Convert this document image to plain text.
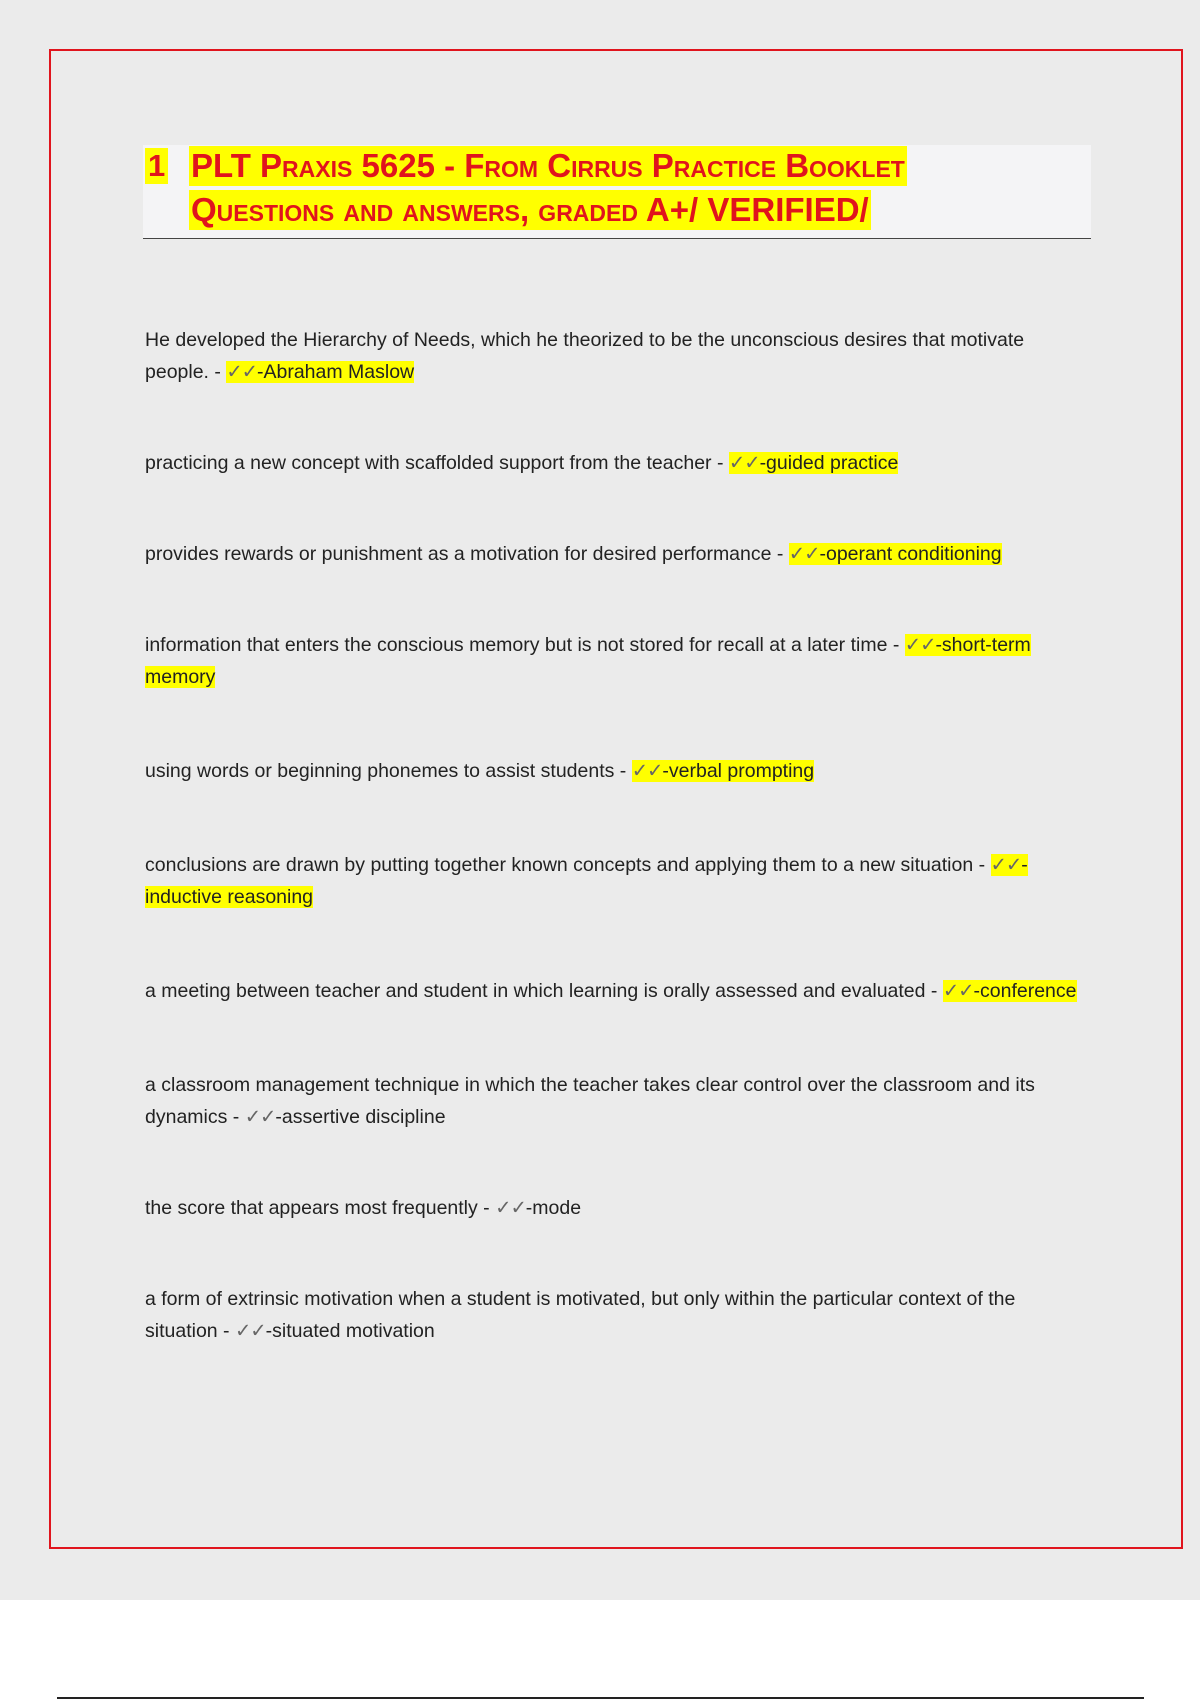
1 PLT Praxis 5625 - From Cirrus Practice Booklet
Questions and answers, graded A+/ VERIFIED/

He developed the Hierarchy of Needs, which he theorized to be the unconscious desires that motivate people. - ✓✓-Abraham Maslow

practicing a new concept with scaffolded support from the teacher - ✓✓-guided practice

provides rewards or punishment as a motivation for desired performance - ✓✓-operant conditioning

information that enters the conscious memory but is not stored for recall at a later time - ✓✓-short-term memory

using words or beginning phonemes to assist students - ✓✓-verbal prompting

conclusions are drawn by putting together known concepts and applying them to a new situation - ✓✓-inductive reasoning

a meeting between teacher and student in which learning is orally assessed and evaluated - ✓✓-conference

a classroom management technique in which the teacher takes clear control over the classroom and its dynamics - ✓✓-assertive discipline

the score that appears most frequently - ✓✓-mode

a form of extrinsic motivation when a student is motivated, but only within the particular context of the situation - ✓✓-situated motivation
